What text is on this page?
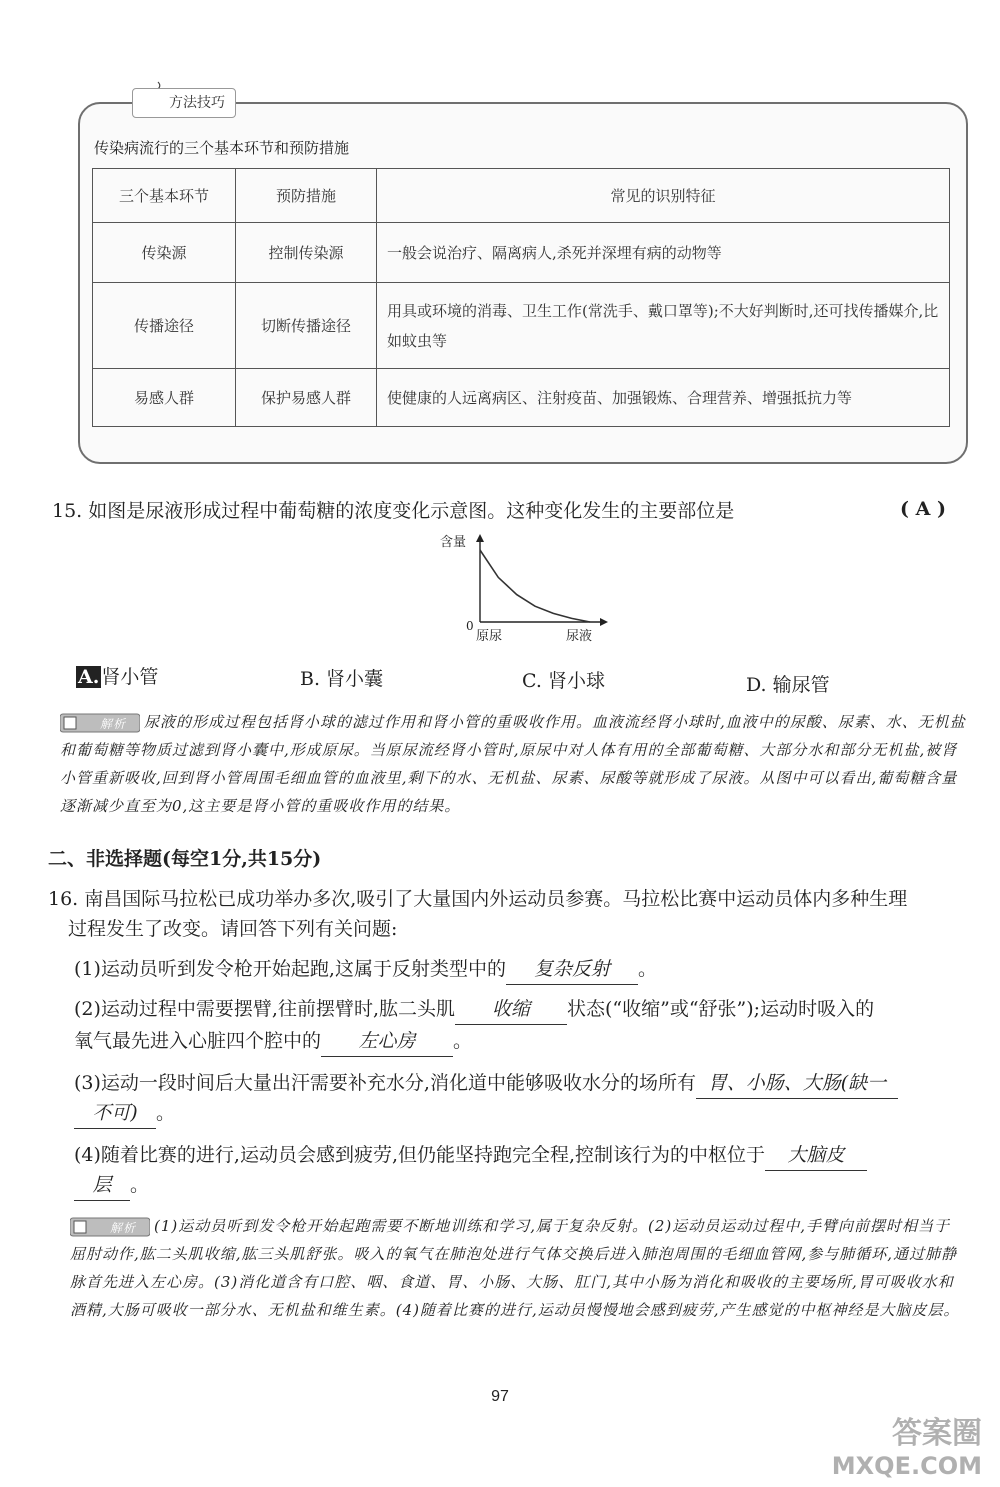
方法技巧
传染病流行的三个基本环节和预防措施
三个基本环节	预防措施	常见的识别特征
传染源	控制传染源	一般会说治疗、隔离病人,杀死并深埋有病的动物等
传播途径	切断传播途径	用具或环境的消毒、卫生工作(常洗手、戴口罩等);不大好判断时,还可找传播媒介,比如蚊虫等
易感人群	保护易感人群	使健康的人远离病区、注射疫苗、加强锻炼、合理营养、增强抵抗力等
15. 如图是尿液形成过程中葡萄糖的浓度变化示意图。这种变化发生的主要部位是	( A )
含量
0
原尿	尿液
A. 肾小管	B. 肾小囊	C. 肾小球	D. 输尿管
解析 尿液的形成过程包括肾小球的滤过作用和肾小管的重吸收作用。血液流经肾小球时,血液中的尿酸、尿素、水、无机盐和葡萄糖等物质过滤到肾小囊中,形成原尿。当原尿流经肾小管时,原尿中对人体有用的全部葡萄糖、大部分水和部分无机盐,被肾小管重新吸收,回到肾小管周围毛细血管的血液里,剩下的水、无机盐、尿素、尿酸等就形成了尿液。从图中可以看出,葡萄糖含量逐渐减少直至为0,这主要是肾小管的重吸收作用的结果。
二、非选择题(每空1分,共15分)
16. 南昌国际马拉松已成功举办多次,吸引了大量国内外运动员参赛。马拉松比赛中运动员体内多种生理
过程发生了改变。请回答下列有关问题:
(1)运动员听到发令枪开始起跑,这属于反射类型中的 复杂反射 。
(2)运动过程中需要摆臂,往前摆臂时,肱二头肌 收缩 状态(“收缩”或“舒张”);运动时吸入的
氧气最先进入心脏四个腔中的 左心房 。
(3)运动一段时间后大量出汗需要补充水分,消化道中能够吸收水分的场所有 胃、小肠、大肠(缺一
不可) 。
(4)随着比赛的进行,运动员会感到疲劳,但仍能坚持跑完全程,控制该行为的中枢位于 大脑皮
层 。
解析 (1)运动员听到发令枪开始起跑需要不断地训练和学习,属于复杂反射。(2)运动员运动过程中,手臂向前摆时相当于屈肘动作,肱二头肌收缩,肱三头肌舒张。吸入的氧气在肺泡处进行气体交换后进入肺泡周围的毛细血管网,参与肺循环,通过肺静脉首先进入左心房。(3)消化道含有口腔、咽、食道、胃、小肠、大肠、肛门,其中小肠为消化和吸收的主要场所,胃可吸收水和酒精,大肠可吸收一部分水、无机盐和维生素。(4)随着比赛的进行,运动员慢慢地会感到疲劳,产生感觉的中枢神经是大脑皮层。
97
答案圈
MXQE.COM
